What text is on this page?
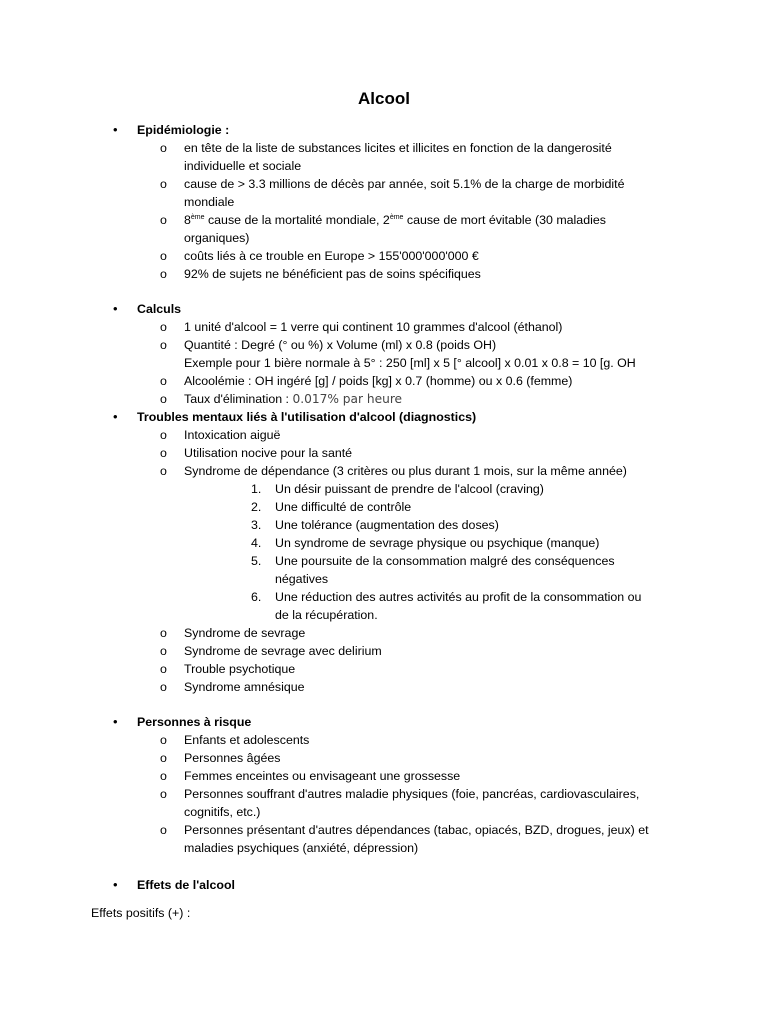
Alcool
•	Epidémiologie :
o en tête de la liste de substances licites et illicites en fonction de la dangerosité
individuelle et sociale
o cause de > 3.3 millions de décès par année, soit 5.1% de la charge de morbidité
mondiale
o 8ème cause de la mortalité mondiale, 2ème cause de mort évitable (30 maladies
organiques)
o coûts liés à ce trouble en Europe > 155'000'000'000 €
o 92% de sujets ne bénéficient pas de soins spécifiques
•	Calculs
o 1 unité d'alcool = 1 verre qui continent 10 grammes d'alcool (éthanol)
o Quantité : Degré (° ou %) x Volume (ml) x 0.8 (poids OH)
Exemple pour 1 bière normale à 5° : 250 [ml] x 5 [° alcool] x 0.01 x 0.8 = 10 [g. OH
o Alcoolémie : OH ingéré [g] / poids [kg] x 0.7 (homme) ou x 0.6 (femme)
o Taux d'élimination : 0.017% par heure
•	Troubles mentaux liés à l'utilisation d'alcool (diagnostics)
o Intoxication aiguë
o Utilisation nocive pour la santé
o Syndrome de dépendance (3 critères ou plus durant 1 mois, sur la même année)
1. Un désir puissant de prendre de l'alcool (craving)
2. Une difficulté de contrôle
3. Une tolérance (augmentation des doses)
4. Un syndrome de sevrage physique ou psychique (manque)
5. Une poursuite de la consommation malgré des conséquences
négatives
6. Une réduction des autres activités au profit de la consommation ou
de la récupération.
o Syndrome de sevrage
o Syndrome de sevrage avec delirium
o Trouble psychotique
o Syndrome amnésique
•	Personnes à risque
o Enfants et adolescents
o Personnes âgées
o Femmes enceintes ou envisageant une grossesse
o Personnes souffrant d'autres maladie physiques (foie, pancréas, cardiovasculaires,
cognitifs, etc.)
o Personnes présentant d'autres dépendances (tabac, opiacés, BZD, drogues, jeux) et
maladies psychiques (anxiété, dépression)
•	Effets de l'alcool
Effets positifs (+) :
